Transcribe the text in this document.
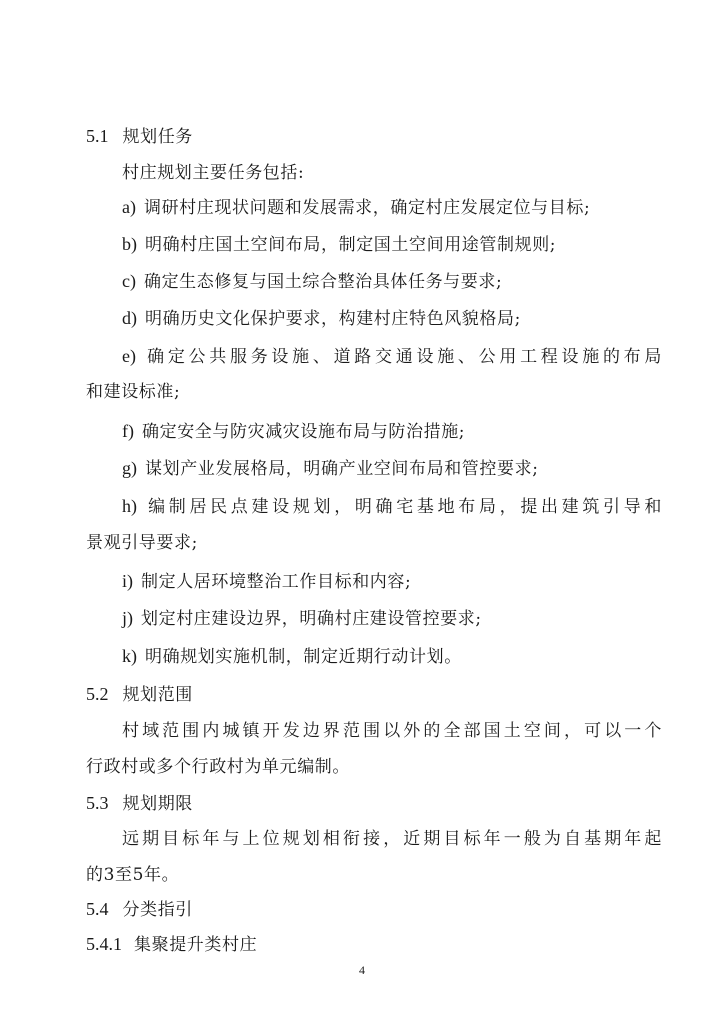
5.1 规划任务
村庄规划主要任务包括:
a) 调研村庄现状问题和发展需求，确定村庄发展定位与目标;
b) 明确村庄国土空间布局，制定国土空间用途管制规则;
c) 确定生态修复与国土综合整治具体任务与要求;
d) 明确历史文化保护要求，构建村庄特色风貌格局;
e) 确定公共服务设施、道路交通设施、公用工程设施的布局
和建设标准;
f) 确定安全与防灾减灾设施布局与防治措施;
g) 谋划产业发展格局，明确产业空间布局和管控要求;
h) 编制居民点建设规划，明确宅基地布局，提出建筑引导和
景观引导要求;
i) 制定人居环境整治工作目标和内容;
j) 划定村庄建设边界，明确村庄建设管控要求;
k) 明确规划实施机制，制定近期行动计划。
5.2 规划范围
村域范围内城镇开发边界范围以外的全部国土空间，可以一个
行政村或多个行政村为单元编制。
5.3 规划期限
远期目标年与上位规划相衔接，近期目标年一般为自基期年起
的3至5年。
5.4 分类指引
5.4.1 集聚提升类村庄
4
